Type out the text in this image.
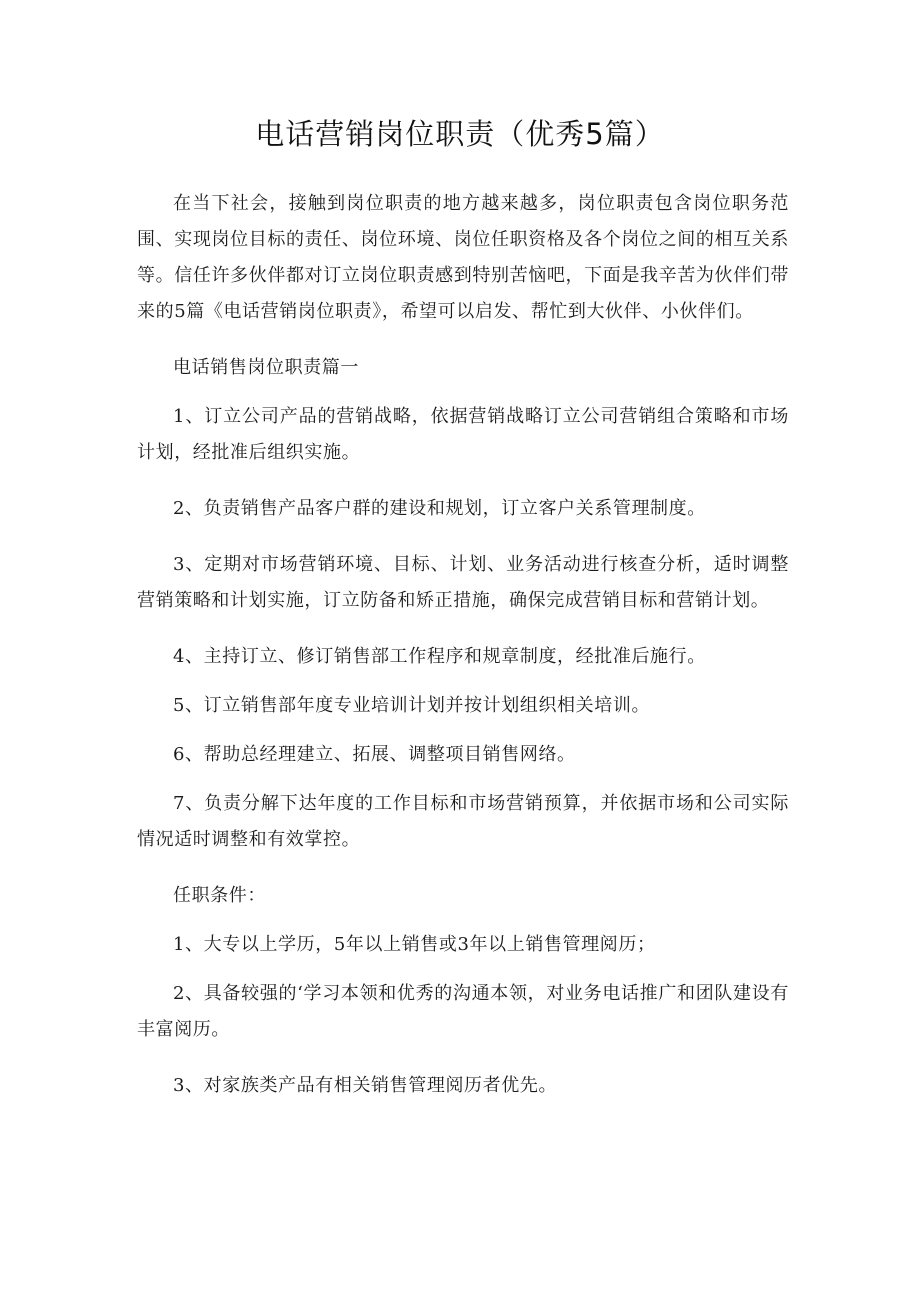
电话营销岗位职责（优秀5篇）

在当下社会，接触到岗位职责的地方越来越多，岗位职责包含岗位职务范围、实现岗位目标的责任、岗位环境、岗位任职资格及各个岗位之间的相互关系等。信任许多伙伴都对订立岗位职责感到特别苦恼吧，下面是我辛苦为伙伴们带来的5篇《电话营销岗位职责》，希望可以启发、帮忙到大伙伴、小伙伴们。

电话销售岗位职责篇一

1、订立公司产品的营销战略，依据营销战略订立公司营销组合策略和市场计划，经批准后组织实施。

2、负责销售产品客户群的建设和规划，订立客户关系管理制度。

3、定期对市场营销环境、目标、计划、业务活动进行核查分析，适时调整营销策略和计划实施，订立防备和矫正措施，确保完成营销目标和营销计划。

4、主持订立、修订销售部工作程序和规章制度，经批准后施行。

5、订立销售部年度专业培训计划并按计划组织相关培训。

6、帮助总经理建立、拓展、调整项目销售网络。

7、负责分解下达年度的工作目标和市场营销预算，并依据市场和公司实际情况适时调整和有效掌控。

任职条件：

1、大专以上学历，5年以上销售或3年以上销售管理阅历；

2、具备较强的‘学习本领和优秀的沟通本领，对业务电话推广和团队建设有丰富阅历。

3、对家族类产品有相关销售管理阅历者优先。
